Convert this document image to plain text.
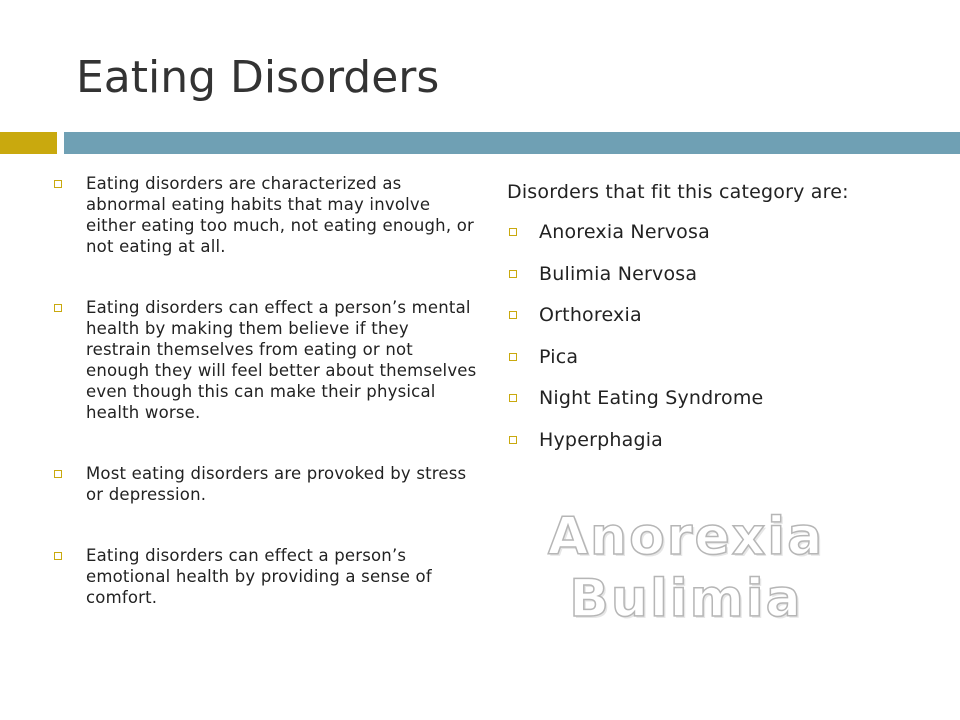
Eating Disorders
Eating disorders are characterized as abnormal eating habits that may involve either eating too much, not eating enough, or not eating at all.
Eating disorders can effect a person’s mental health by making them believe if they restrain themselves from eating or not enough they will feel better about themselves even though this can make their physical health worse.
Most eating disorders are provoked by stress or depression.
Eating disorders can effect a person’s emotional health by providing a sense of comfort.

Disorders that fit this category are:

Anorexia Nervosa
Bulimia Nervosa
Orthorexia
Pica
Night Eating Syndrome
Hyperphagia
Anorexia
Bulimia
